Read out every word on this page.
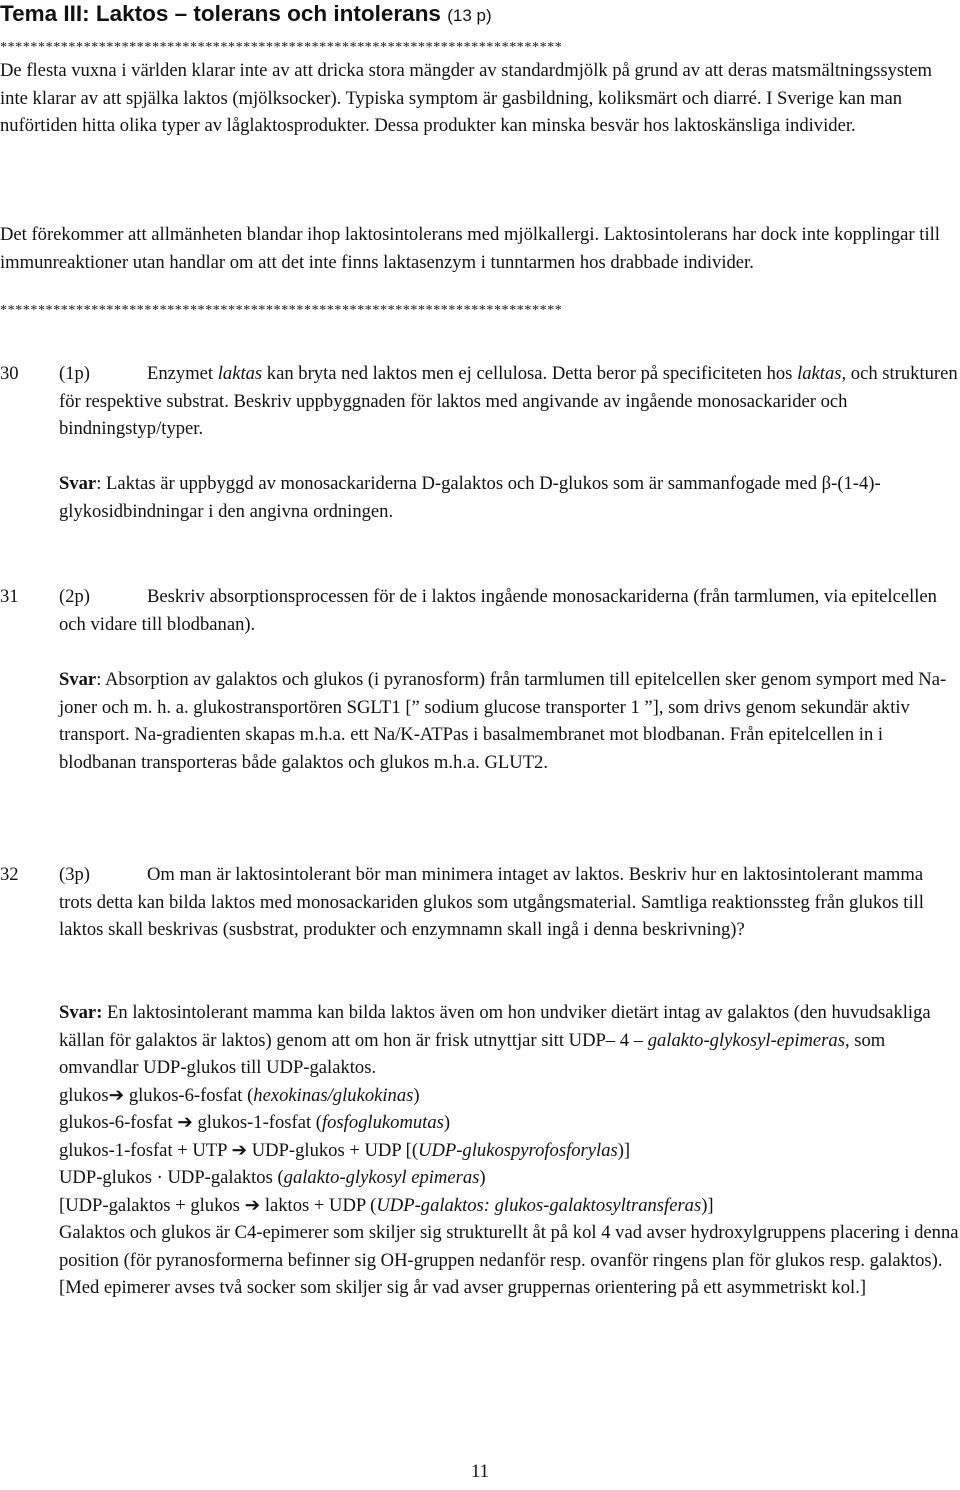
Tema III: Laktos – tolerans och intolerans (13 p)
**************************************************************************
De flesta vuxna i världen klarar inte av att dricka stora mängder av standardmjölk på grund av att deras matsmältningssystem inte klarar av att spjälka laktos (mjölksocker). Typiska symptom är gasbildning, koliksmärt och diarré. I Sverige kan man nuförtiden hitta olika typer av låglaktosprodukter. Dessa produkter kan minska besvär hos laktoskänsliga individer.
Det förekommer att allmänheten blandar ihop laktosintolerans med mjölkallergi. Laktosintolerans har dock inte kopplingar till immunreaktioner utan handlar om att det inte finns laktasenzym i tunntarmen hos drabbade individer.
**************************************************************************
30 (1p)	Enzymet laktas kan bryta ned laktos men ej cellulosa. Detta beror på specificiteten hos laktas, och strukturen för respektive substrat. Beskriv uppbyggnaden för laktos med angivande av ingående monosackarider och bindningstyp/typer.
Svar: Laktas är uppbyggd av monosackariderna D-galaktos och D-glukos som är sammanfogade med β-(1-4)-glykosidbindningar i den angivna ordningen.
31 (2p)	Beskriv absorptionsprocessen för de i laktos ingående monosackariderna (från tarmlumen, via epitelcellen och vidare till blodbanan).
Svar: Absorption av galaktos och glukos (i pyranosform) från tarmlumen till epitelcellen sker genom symport med Na-joner och m. h. a. glukostransportören SGLT1 [” sodium glucose transporter 1 ”], som drivs genom sekundär aktiv transport. Na-gradienten skapas m.h.a. ett Na/K-ATPas i basalmembranet mot blodbanan. Från epitelcellen in i blodbanan transporteras både galaktos och glukos m.h.a. GLUT2.
32 (3p)	Om man är laktosintolerant bör man minimera intaget av laktos. Beskriv hur en laktosintolerant mamma trots detta kan bilda laktos med monosackariden glukos som utgångsmaterial. Samtliga reaktionssteg från glukos till laktos skall beskrivas (susbstrat, produkter och enzymnamn skall ingå i denna beskrivning)?
Svar: En laktosintolerant mamma kan bilda laktos även om hon undviker dietärt intag av galaktos (den huvudsakliga källan för galaktos är laktos) genom att om hon är frisk utnyttjar sitt UDP– 4 – galakto-glykosyl-epimeras, som omvandlar UDP-glukos till UDP-galaktos.
glukos➔ glukos-6-fosfat (hexokinas/glukokinas)
glukos-6-fosfat ➔ glukos-1-fosfat (fosfoglukomutas)
glukos-1-fosfat + UTP ➔ UDP-glukos + UDP [(UDP-glukospyrofosforylas)]
UDP-glukos · UDP-galaktos (galakto-glykosyl epimeras)
[UDP-galaktos + glukos ➔ laktos + UDP (UDP-galaktos: glukos-galaktosyltransferas)]
Galaktos och glukos är C4-epimerer som skiljer sig strukturellt åt på kol 4 vad avser hydroxylgruppens placering i denna position (för pyranosformerna befinner sig OH-gruppen nedanför resp. ovanför ringens plan för glukos resp. galaktos). [Med epimerer avses två socker som skiljer sig år vad avser gruppernas orientering på ett asymmetriskt kol.]
11
